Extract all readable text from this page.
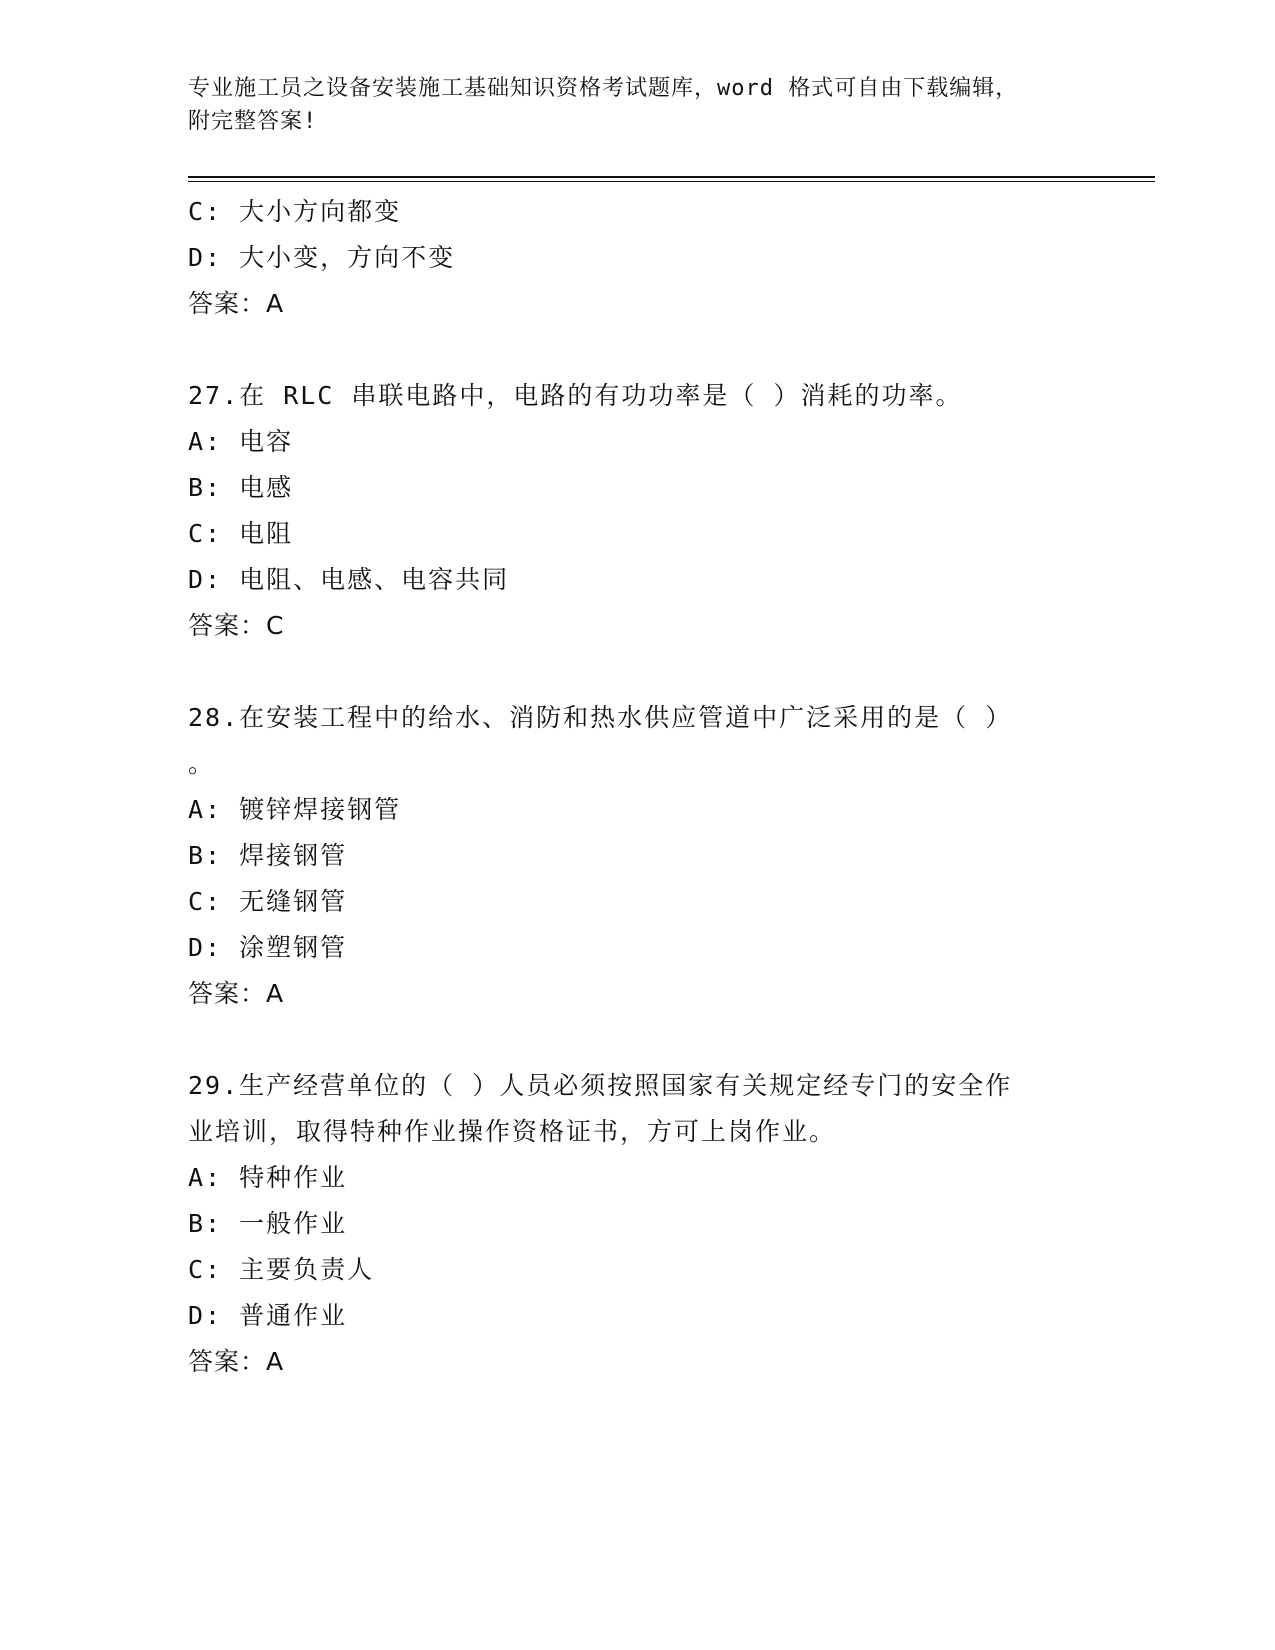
专业施工员之设备安装施工基础知识资格考试题库，word 格式可自由下载编辑，
附完整答案!
C: 大小方向都变
D: 大小变，方向不变
答案：A
27.在 RLC 串联电路中，电路的有功功率是（ ）消耗的功率。
A: 电容
B: 电感
C: 电阻
D: 电阻、电感、电容共同
答案：C
28.在安装工程中的给水、消防和热水供应管道中广泛采用的是（ ）
。
A: 镀锌焊接钢管
B: 焊接钢管
C: 无缝钢管
D: 涂塑钢管
答案：A
29.生产经营单位的（ ）人员必须按照国家有关规定经专门的安全作
业培训，取得特种作业操作资格证书，方可上岗作业。
A: 特种作业
B: 一般作业
C: 主要负责人
D: 普通作业
答案：A
